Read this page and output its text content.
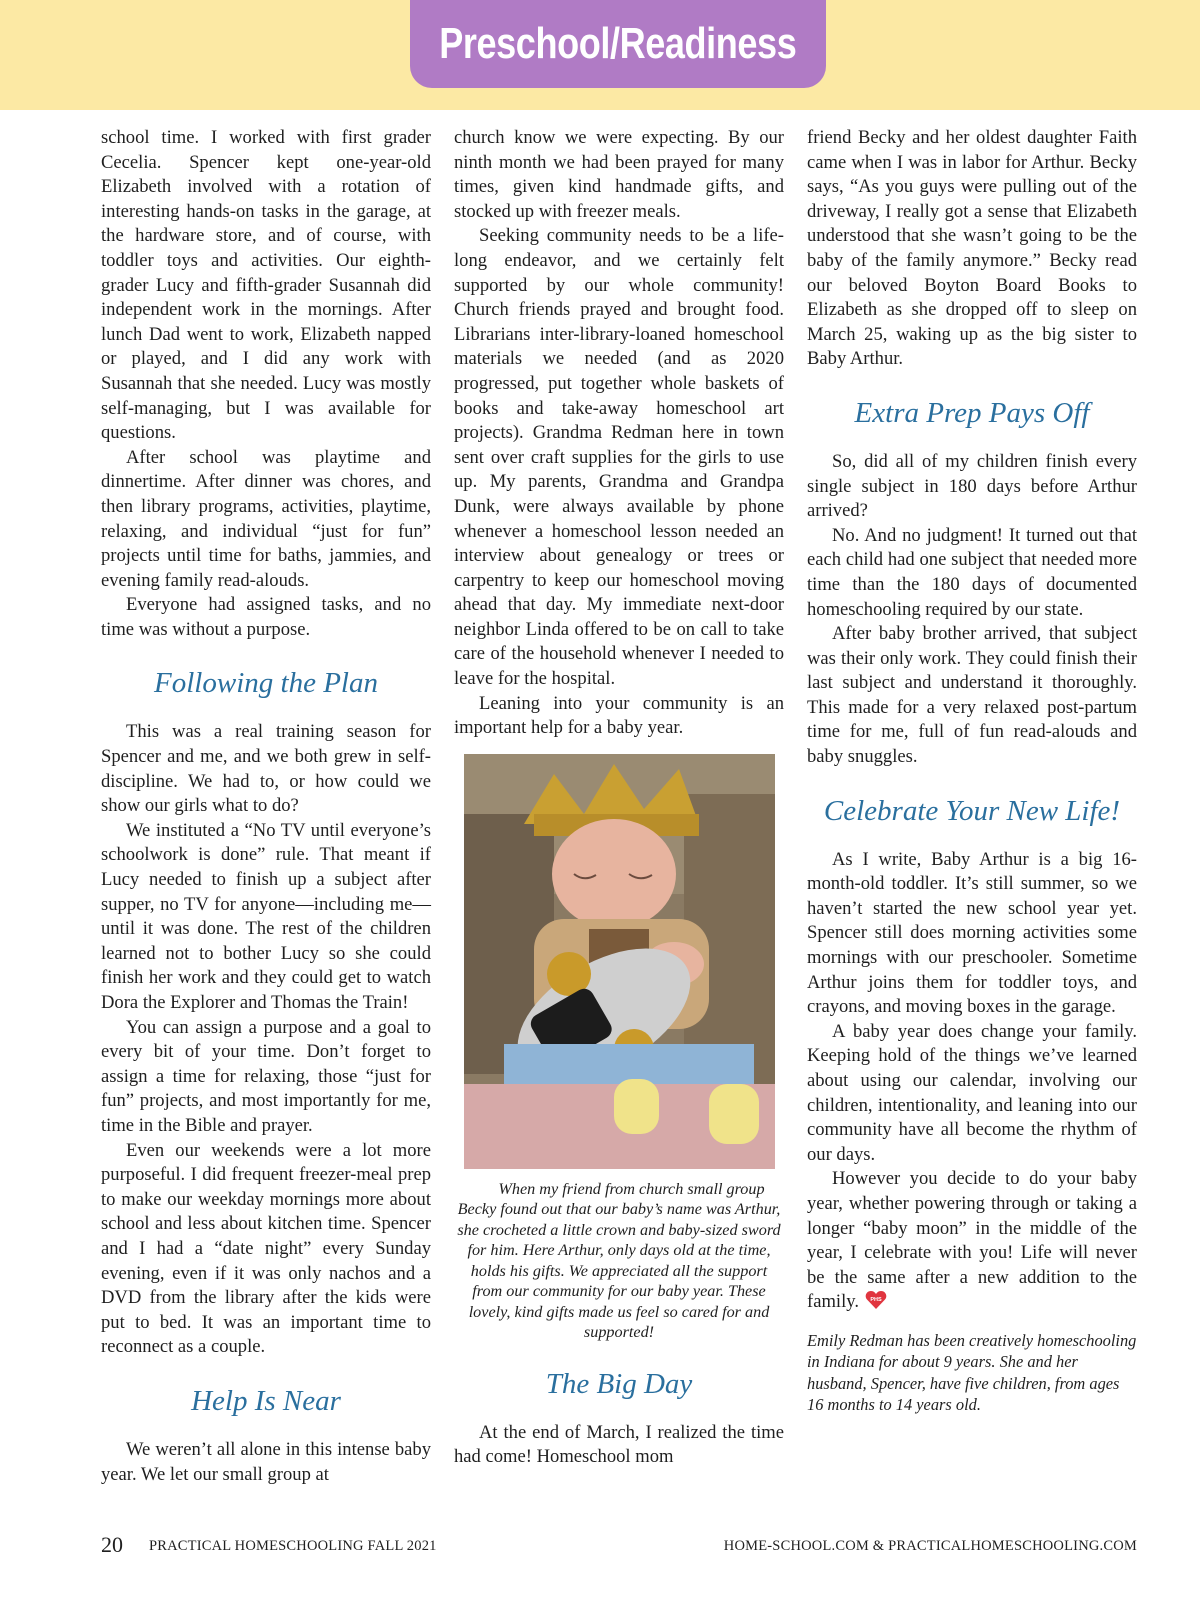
Preschool/Readiness

school time. I worked with first grader Cecelia. Spencer kept one-year-old Elizabeth involved with a rotation of interesting hands-on tasks in the garage, at the hardware store, and of course, with toddler toys and activities. Our eighth-grader Lucy and fifth-grader Susannah did independent work in the mornings. After lunch Dad went to work, Elizabeth napped or played, and I did any work with Susannah that she needed. Lucy was mostly self-managing, but I was available for questions.

After school was playtime and dinnertime. After dinner was chores, and then library programs, activities, playtime, relaxing, and individual “just for fun” projects until time for baths, jammies, and evening family read-alouds.

Everyone had assigned tasks, and no time was without a purpose.

Following the Plan

This was a real training season for Spencer and me, and we both grew in self-discipline. We had to, or how could we show our girls what to do?

We instituted a “No TV until everyone’s schoolwork is done” rule. That meant if Lucy needed to finish up a subject after supper, no TV for anyone—including me—until it was done. The rest of the children learned not to bother Lucy so she could finish her work and they could get to watch Dora the Explorer and Thomas the Train!

You can assign a purpose and a goal to every bit of your time. Don’t forget to assign a time for relaxing, those “just for fun” projects, and most importantly for me, time in the Bible and prayer.

Even our weekends were a lot more purposeful. I did frequent freezer-meal prep to make our weekday mornings more about school and less about kitchen time. Spencer and I had a “date night” every Sunday evening, even if it was only nachos and a DVD from the library after the kids were put to bed. It was an important time to reconnect as a couple.

Help Is Near

We weren’t all alone in this intense baby year. We let our small group at

church know we were expecting. By our ninth month we had been prayed for many times, given kind handmade gifts, and stocked up with freezer meals.

Seeking community needs to be a life-long endeavor, and we certainly felt supported by our whole community! Church friends prayed and brought food. Librarians inter-library-loaned homeschool materials we needed (and as 2020 progressed, put together whole baskets of books and take-away homeschool art projects). Grandma Redman here in town sent over craft supplies for the girls to use up. My parents, Grandma and Grandpa Dunk, were always available by phone whenever a homeschool lesson needed an interview about genealogy or trees or carpentry to keep our homeschool moving ahead that day. My immediate next-door neighbor Linda offered to be on call to take care of the household whenever I needed to leave for the hospital.

Leaning into your community is an important help for a baby year.

When my friend from church small group Becky found out that our baby’s name was Arthur, she crocheted a little crown and baby-sized sword for him. Here Arthur, only days old at the time, holds his gifts. We appreciated all the support from our community for our baby year. These lovely, kind gifts made us feel so cared for and supported!

The Big Day

At the end of March, I realized the time had come! Homeschool mom

friend Becky and her oldest daughter Faith came when I was in labor for Arthur. Becky says, “As you guys were pulling out of the driveway, I really got a sense that Elizabeth understood that she wasn’t going to be the baby of the family anymore.” Becky read our beloved Boyton Board Books to Elizabeth as she dropped off to sleep on March 25, waking up as the big sister to Baby Arthur.

Extra Prep Pays Off

So, did all of my children finish every single subject in 180 days before Arthur arrived?

No. And no judgment! It turned out that each child had one subject that needed more time than the 180 days of documented homeschooling required by our state.

After baby brother arrived, that subject was their only work. They could finish their last subject and understand it thoroughly. This made for a very relaxed post-partum time for me, full of fun read-alouds and baby snuggles.

Celebrate Your New Life!

As I write, Baby Arthur is a big 16-month-old toddler. It’s still summer, so we haven’t started the new school year yet. Spencer still does morning activities some mornings with our preschooler. Sometime Arthur joins them for toddler toys, and crayons, and moving boxes in the garage.

A baby year does change your family. Keeping hold of the things we’ve learned about using our calendar, involving our children, intentionality, and leaning into our community have all become the rhythm of our days.

However you decide to do your baby year, whether powering through or taking a longer “baby moon” in the middle of the year, I celebrate with you! Life will never be the same after a new addition to the family. PHS

Emily Redman has been creatively homeschooling in Indiana for about 9 years. She and her husband, Spencer, have five children, from ages 16 months to 14 years old.

20 PRACTICAL HOMESCHOOLING FALL 2021	HOME-SCHOOL.COM & PRACTICALHOMESCHOOLING.COM
